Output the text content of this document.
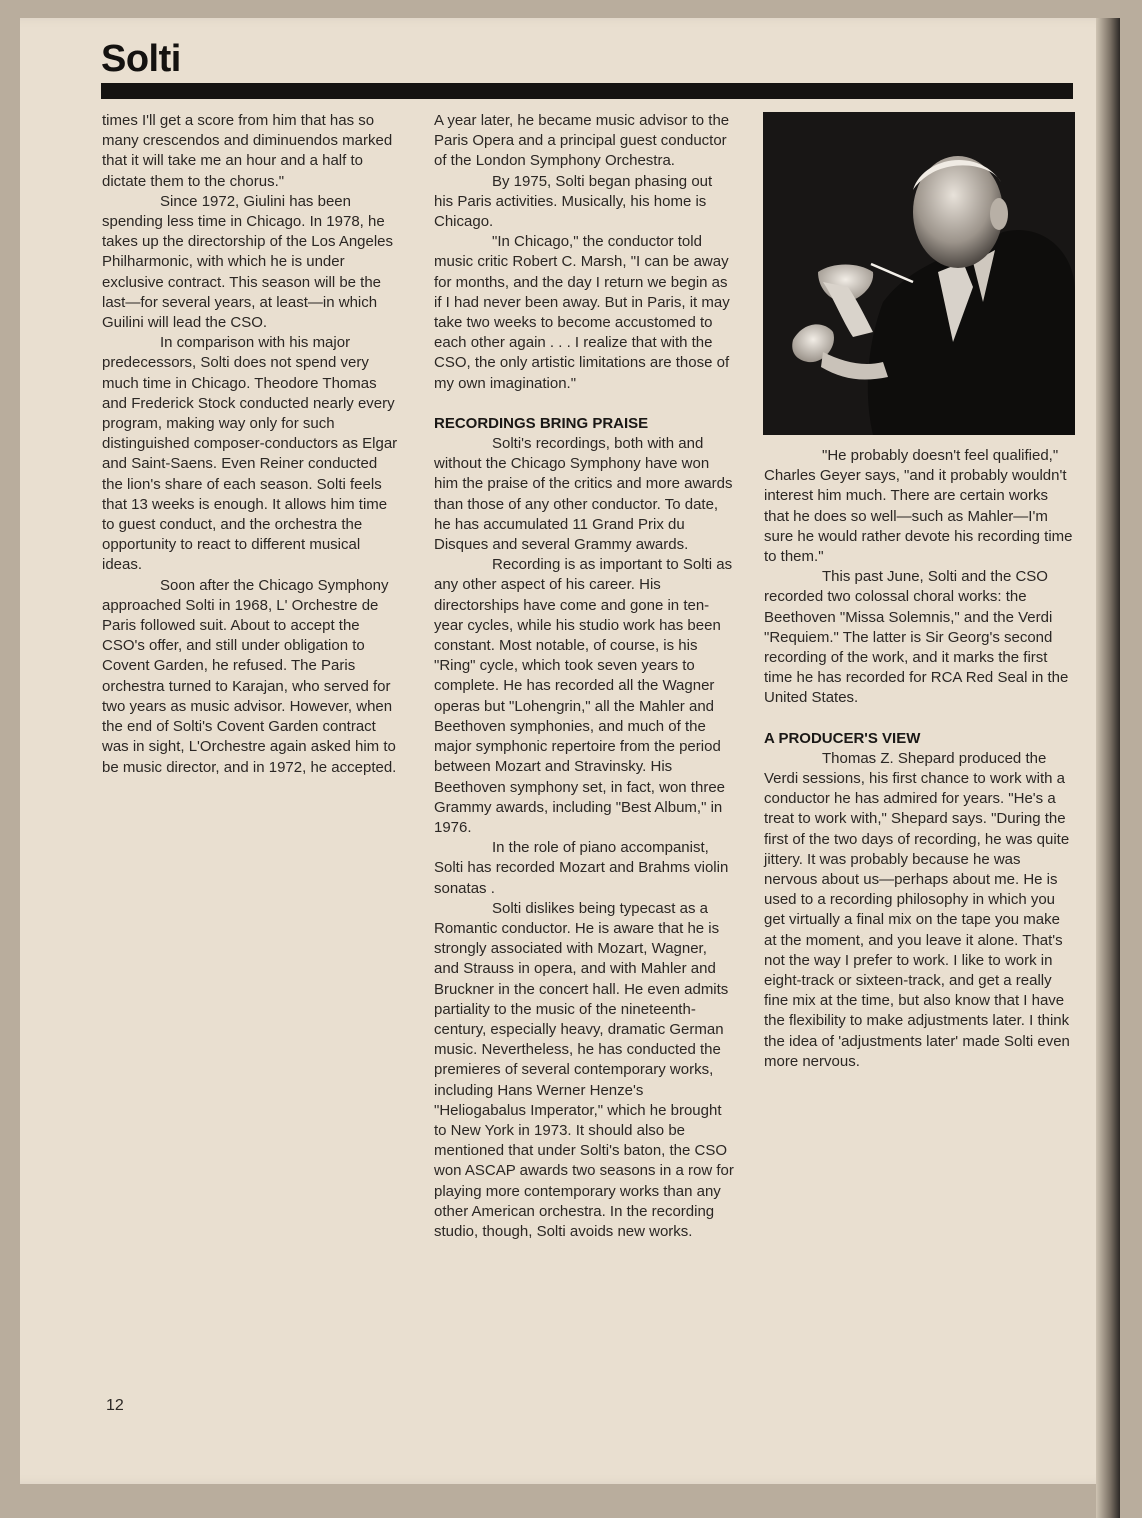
Solti

times I'll get a score from him that has so many crescendos and diminuendos marked that it will take me an hour and a half to dictate them to the chorus."

Since 1972, Giulini has been spending less time in Chicago. In 1978, he takes up the directorship of the Los Angeles Philharmonic, with which he is under exclusive contract. This season will be the last—for several years, at least—in which Guilini will lead the CSO.

In comparison with his major predecessors, Solti does not spend very much time in Chicago. Theodore Thomas and Frederick Stock conducted nearly every program, making way only for such distinguished composer-conductors as Elgar and Saint-Saens. Even Reiner conducted the lion's share of each season. Solti feels that 13 weeks is enough. It allows him time to guest conduct, and the orchestra the opportunity to react to different musical ideas.

Soon after the Chicago Symphony approached Solti in 1968, L' Orchestre de Paris followed suit. About to accept the CSO's offer, and still under obligation to Covent Garden, he refused. The Paris orchestra turned to Karajan, who served for two years as music advisor. However, when the end of Solti's Covent Garden contract was in sight, L'Orchestre again asked him to be music director, and in 1972, he accepted.

A year later, he became music advisor to the Paris Opera and a principal guest conductor of the London Symphony Orchestra.

By 1975, Solti began phasing out his Paris activities. Musically, his home is Chicago.

"In Chicago," the conductor told music critic Robert C. Marsh, "I can be away for months, and the day I return we begin as if I had never been away. But in Paris, it may take two weeks to become accustomed to each other again . . . I realize that with the CSO, the only artistic limitations are those of my own imagination."

RECORDINGS BRING PRAISE

Solti's recordings, both with and without the Chicago Symphony have won him the praise of the critics and more awards than those of any other conductor. To date, he has accumulated 11 Grand Prix du Disques and several Grammy awards.

Recording is as important to Solti as any other aspect of his career. His directorships have come and gone in ten-year cycles, while his studio work has been constant. Most notable, of course, is his "Ring" cycle, which took seven years to complete. He has recorded all the Wagner operas but "Lohengrin," all the Mahler and Beethoven symphonies, and much of the major symphonic repertoire from the period between Mozart and Stravinsky. His Beethoven symphony set, in fact, won three Grammy awards, including "Best Album," in 1976.

In the role of piano accompanist, Solti has recorded Mozart and Brahms violin sonatas .

Solti dislikes being typecast as a Romantic conductor. He is aware that he is strongly associated with Mozart, Wagner, and Strauss in opera, and with Mahler and Bruckner in the concert hall. He even admits partiality to the music of the nineteenth-century, especially heavy, dramatic German music. Nevertheless, he has conducted the premieres of several contemporary works, including Hans Werner Henze's "Heliogabalus Imperator," which he brought to New York in 1973. It should also be mentioned that under Solti's baton, the CSO won ASCAP awards two seasons in a row for playing more contemporary works than any other American orchestra. In the recording studio, though, Solti avoids new works.

"He probably doesn't feel qualified," Charles Geyer says, "and it probably wouldn't interest him much. There are certain works that he does so well—such as Mahler—I'm sure he would rather devote his recording time to them."

This past June, Solti and the CSO recorded two colossal choral works: the Beethoven "Missa Solemnis," and the Verdi "Requiem." The latter is Sir Georg's second recording of the work, and it marks the first time he has recorded for RCA Red Seal in the United States.

A PRODUCER'S VIEW

Thomas Z. Shepard produced the Verdi sessions, his first chance to work with a conductor he has admired for years. "He's a treat to work with," Shepard says. "During the first of the two days of recording, he was quite jittery. It was probably because he was nervous about us—perhaps about me. He is used to a recording philosophy in which you get virtually a final mix on the tape you make at the moment, and you leave it alone. That's not the way I prefer to work. I like to work in eight-track or sixteen-track, and get a really fine mix at the time, but also know that I have the flexibility to make adjustments later. I think the idea of 'adjustments later' made Solti even more nervous.

12
